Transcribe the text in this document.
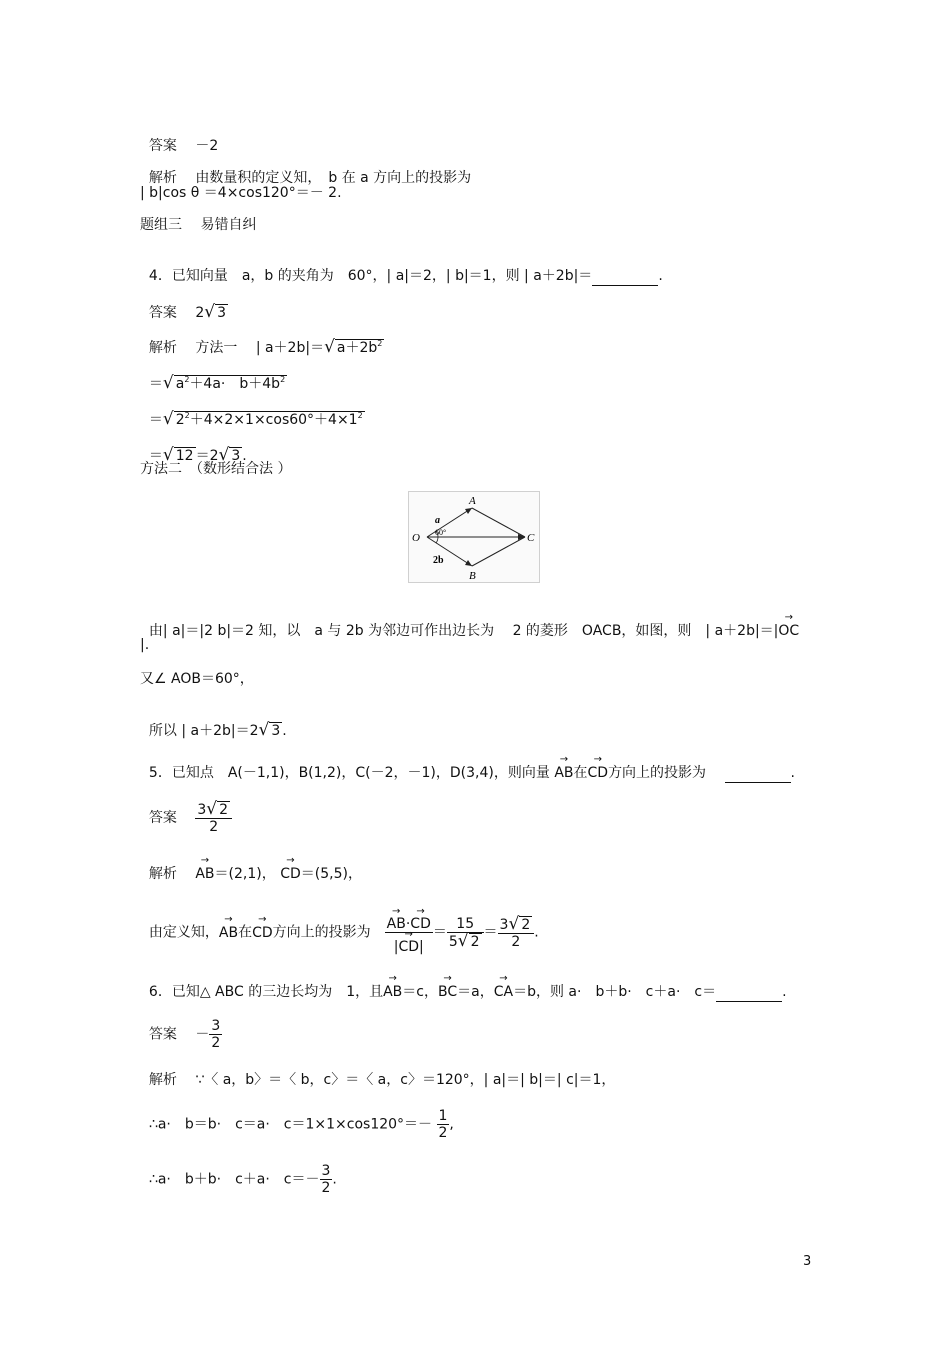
答案　 －2

解析　 由数量积的定义知，　b 在 a 方向上的投影为

| b|cos θ ＝4×cos120°＝－ 2.
题组三　 易错自纠

4．已知向量　a，b 的夹角为　60°，| a|＝2，| b|＝1，则 | a＋2b|＝	.

答案　 2√ 3

解析　 方法一　 | a＋2b|＝√ $a+2b^2$

＝√ $a^2+4a\cdot$　$b+4b^2$

＝√ $2^2+4\times 2\times 1\times\cos 60^\circ+4\times 1^2$

＝√ 12 ＝2√ 3 .

方法二　（数形结合法 ）
O
A
B
C
a
60°
2b

由| a|＝|2 b|＝2 知，以　a 与 2b 为邻边可作出边长为　 2 的菱形　OACB，如图，则　| a＋2b|＝|
→
OC

|.
又∠ AOB＝60°，

所以 | a＋2b|＝2√ 3 .

5．已知点　A(－1,1)，B(1,2)，C(－2，－1)，D(3,4)，则向量
→
AB在
→
CD方向上的投影为　	.

答案　 $\frac{3√ 2}{2}$

解析　
→
AB＝(2,1)，
→
CD＝(5,5)，

由定义知，
→
AB在
→
CD方向上的投影为　 →
AB·
→
CD
|
→
$CD| = \frac{15}{5√ 2} = \frac{3√ 2}{2}$ .

6．已知△ ABC 的三边长均为　1，且
→
AB＝c，
→
BC＝a，
→
CA＝b，则 a·　b＋b·　c＋a·　c＝	.

答案　 － $\frac{3}{2}$

解析　 ∵〈 a，b〉＝〈 b，c〉＝〈 a，c〉＝120°，| a|＝| b|＝| c|＝1，

∴a·　b＝b·　c＝a·　$c=1\times 1\times\cos 120^\circ=- \frac{1}{2}$ ,

∴a·　b＋b·　c＋a·　$c=- \frac{3}{2}$ .

3
